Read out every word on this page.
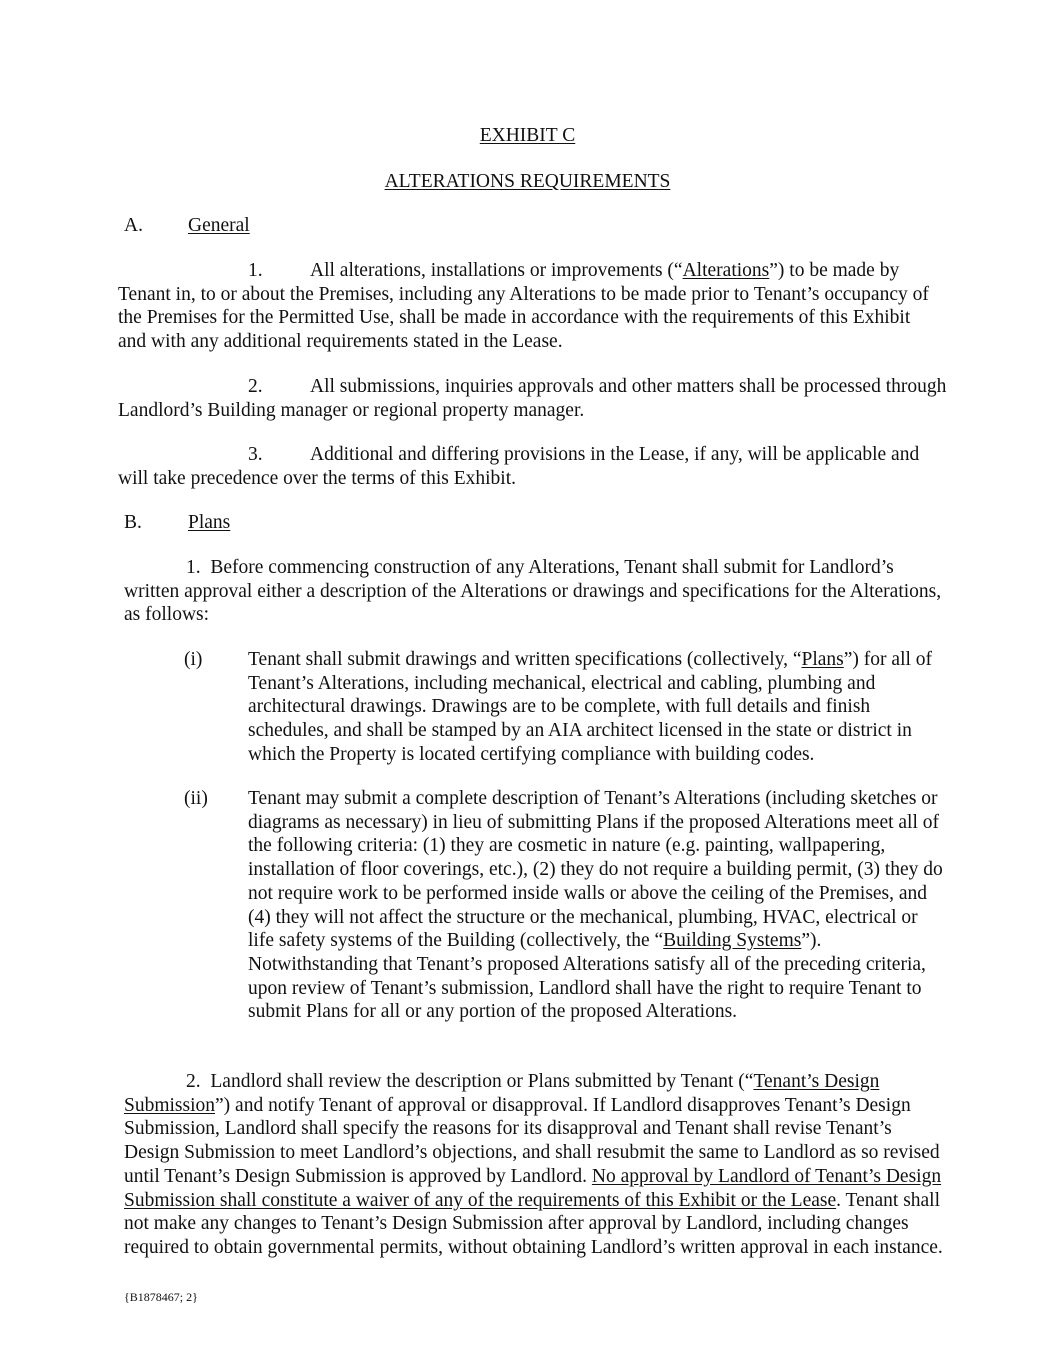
EXHIBIT C
ALTERATIONS REQUIREMENTS
A. General

1. All alterations, installations or improvements (“Alterations”) to be made by Tenant in, to or about the Premises, including any Alterations to be made prior to Tenant’s occupancy of the Premises for the Permitted Use, shall be made in accordance with the requirements of this Exhibit and with any additional requirements stated in the Lease.

2. All submissions, inquiries approvals and other matters shall be processed through Landlord’s Building manager or regional property manager.

3. Additional and differing provisions in the Lease, if any, will be applicable and will take precedence over the terms of this Exhibit.

B. Plans

1. Before commencing construction of any Alterations, Tenant shall submit for Landlord’s written approval either a description of the Alterations or drawings and specifications for the Alterations, as follows:

(i) Tenant shall submit drawings and written specifications (collectively, “Plans”) for all of Tenant’s Alterations, including mechanical, electrical and cabling, plumbing and architectural drawings. Drawings are to be complete, with full details and finish schedules, and shall be stamped by an AIA architect licensed in the state or district in which the Property is located certifying compliance with building codes.
(ii) Tenant may submit a complete description of Tenant’s Alterations (including sketches or diagrams as necessary) in lieu of submitting Plans if the proposed Alterations meet all of the following criteria: (1) they are cosmetic in nature (e.g. painting, wallpapering, installation of floor coverings, etc.), (2) they do not require a building permit, (3) they do not require work to be performed inside walls or above the ceiling of the Premises, and (4) they will not affect the structure or the mechanical, plumbing, HVAC, electrical or life safety systems of the Building (collectively, the “Building Systems”). Notwithstanding that Tenant’s proposed Alterations satisfy all of the preceding criteria, upon review of Tenant’s submission, Landlord shall have the right to require Tenant to submit Plans for all or any portion of the proposed Alterations.

2. Landlord shall review the description or Plans submitted by Tenant (“Tenant’s Design Submission”) and notify Tenant of approval or disapproval. If Landlord disapproves Tenant’s Design Submission, Landlord shall specify the reasons for its disapproval and Tenant shall revise Tenant’s Design Submission to meet Landlord’s objections, and shall resubmit the same to Landlord as so revised until Tenant’s Design Submission is approved by Landlord. No approval by Landlord of Tenant’s Design Submission shall constitute a waiver of any of the requirements of this Exhibit or the Lease. Tenant shall not make any changes to Tenant’s Design Submission after approval by Landlord, including changes required to obtain governmental permits, without obtaining Landlord’s written approval in each instance.

{B1878467; 2}
